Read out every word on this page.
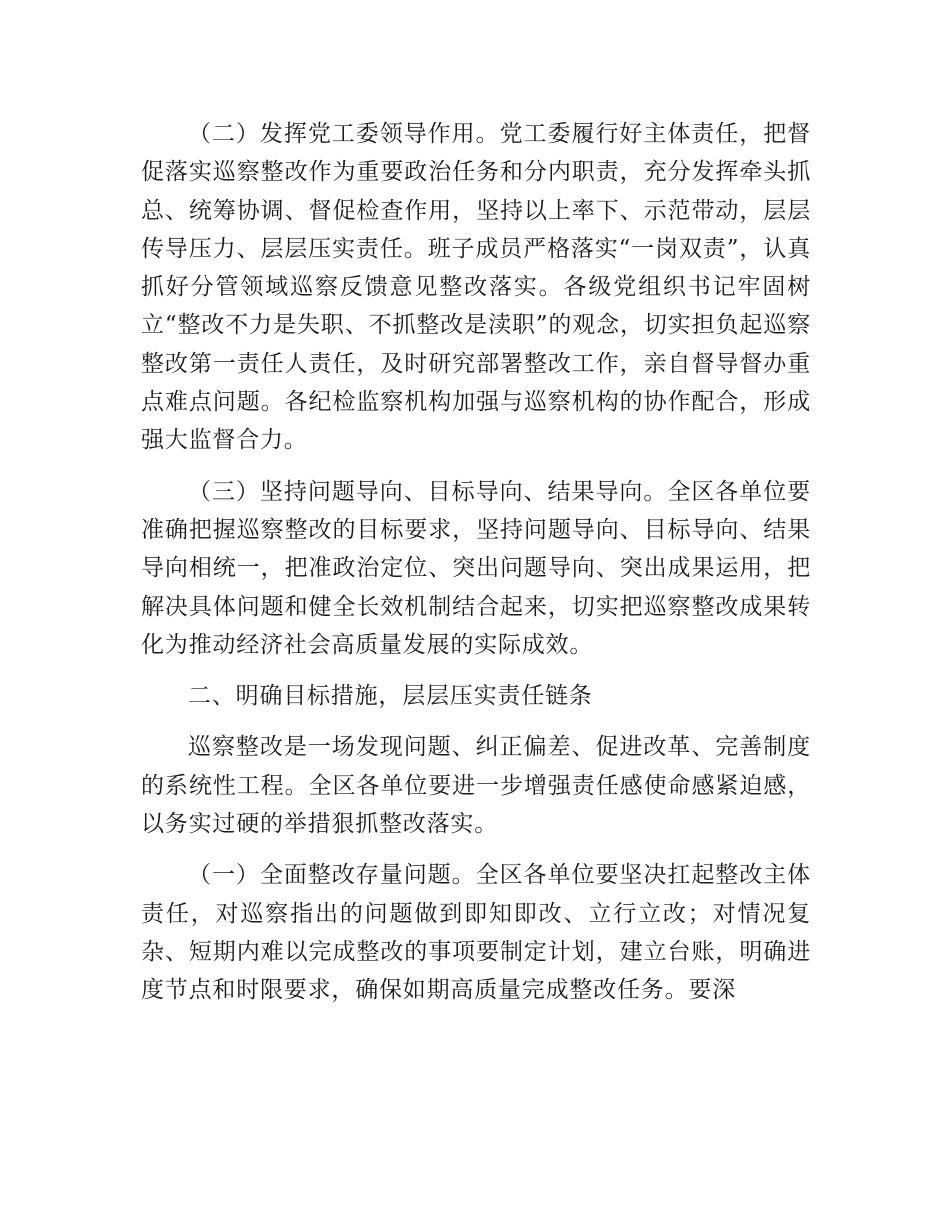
（二）发挥党工委领导作用。党工委履行好主体责任，把督促落实巡察整改作为重要政治任务和分内职责，充分发挥牵头抓总、统筹协调、督促检查作用，坚持以上率下、示范带动，层层传导压力、层层压实责任。班子成员严格落实“一岗双责”，认真抓好分管领域巡察反馈意见整改落实。各级党组织书记牢固树立“整改不力是失职、不抓整改是渎职”的观念，切实担负起巡察整改第一责任人责任，及时研究部署整改工作，亲自督导督办重点难点问题。各纪检监察机构加强与巡察机构的协作配合，形成强大监督合力。

（三）坚持问题导向、目标导向、结果导向。全区各单位要准确把握巡察整改的目标要求，坚持问题导向、目标导向、结果导向相统一，把准政治定位、突出问题导向、突出成果运用，把解决具体问题和健全长效机制结合起来，切实把巡察整改成果转化为推动经济社会高质量发展的实际成效。

二、明确目标措施，层层压实责任链条

巡察整改是一场发现问题、纠正偏差、促进改革、完善制度的系统性工程。全区各单位要进一步增强责任感使命感紧迫感，以务实过硬的举措狠抓整改落实。

（一）全面整改存量问题。全区各单位要坚决扛起整改主体责任，对巡察指出的问题做到即知即改、立行立改；对情况复杂、短期内难以完成整改的事项要制定计划，建立台账，明确进度节点和时限要求，确保如期高质量完成整改任务。要深
